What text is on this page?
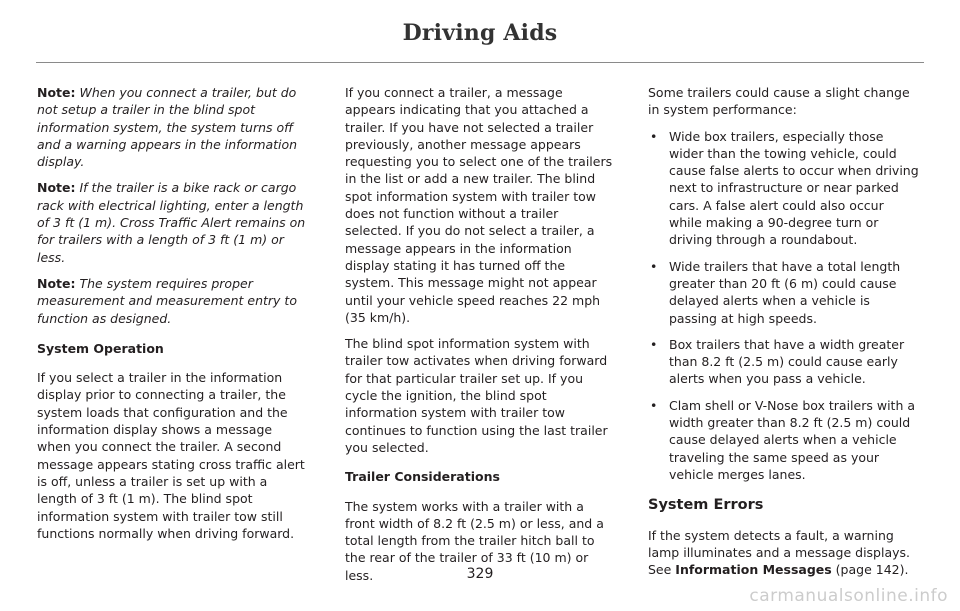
Driving Aids

Note: When you connect a trailer, but do not setup a trailer in the blind spot information system, the system turns off and a warning appears in the information display.

Note: If the trailer is a bike rack or cargo rack with electrical lighting, enter a length of 3 ft (1 m). Cross Traffic Alert remains on for trailers with a length of 3 ft (1 m) or less.

Note: The system requires proper measurement and measurement entry to function as designed.

System Operation

If you select a trailer in the information display prior to connecting a trailer, the system loads that configuration and the information display shows a message when you connect the trailer. A second message appears stating cross traffic alert is off, unless a trailer is set up with a length of 3 ft (1 m). The blind spot information system with trailer tow still functions normally when driving forward.

If you connect a trailer, a message appears indicating that you attached a trailer. If you have not selected a trailer previously, another message appears requesting you to select one of the trailers in the list or add a new trailer. The blind spot information system with trailer tow does not function without a trailer selected. If you do not select a trailer, a message appears in the information display stating it has turned off the system. This message might not appear until your vehicle speed reaches 22 mph (35 km/h).

The blind spot information system with trailer tow activates when driving forward for that particular trailer set up. If you cycle the ignition, the blind spot information system with trailer tow continues to function using the last trailer you selected.

Trailer Considerations

The system works with a trailer with a front width of 8.2 ft (2.5 m) or less, and a total length from the trailer hitch ball to the rear of the trailer of 33 ft (10 m) or less.

Some trailers could cause a slight change in system performance:

• Wide box trailers, especially those wider than the towing vehicle, could cause false alerts to occur when driving next to infrastructure or near parked cars. A false alert could also occur while making a 90-degree turn or driving through a roundabout.
• Wide trailers that have a total length greater than 20 ft (6 m) could cause delayed alerts when a vehicle is passing at high speeds.
• Box trailers that have a width greater than 8.2 ft (2.5 m) could cause early alerts when you pass a vehicle.
• Clam shell or V-Nose box trailers with a width greater than 8.2 ft (2.5 m) could cause delayed alerts when a vehicle traveling the same speed as your vehicle merges lanes.
System Errors

If the system detects a fault, a warning lamp illuminates and a message displays. See Information Messages (page 142).

329
carmanualsonline.info
